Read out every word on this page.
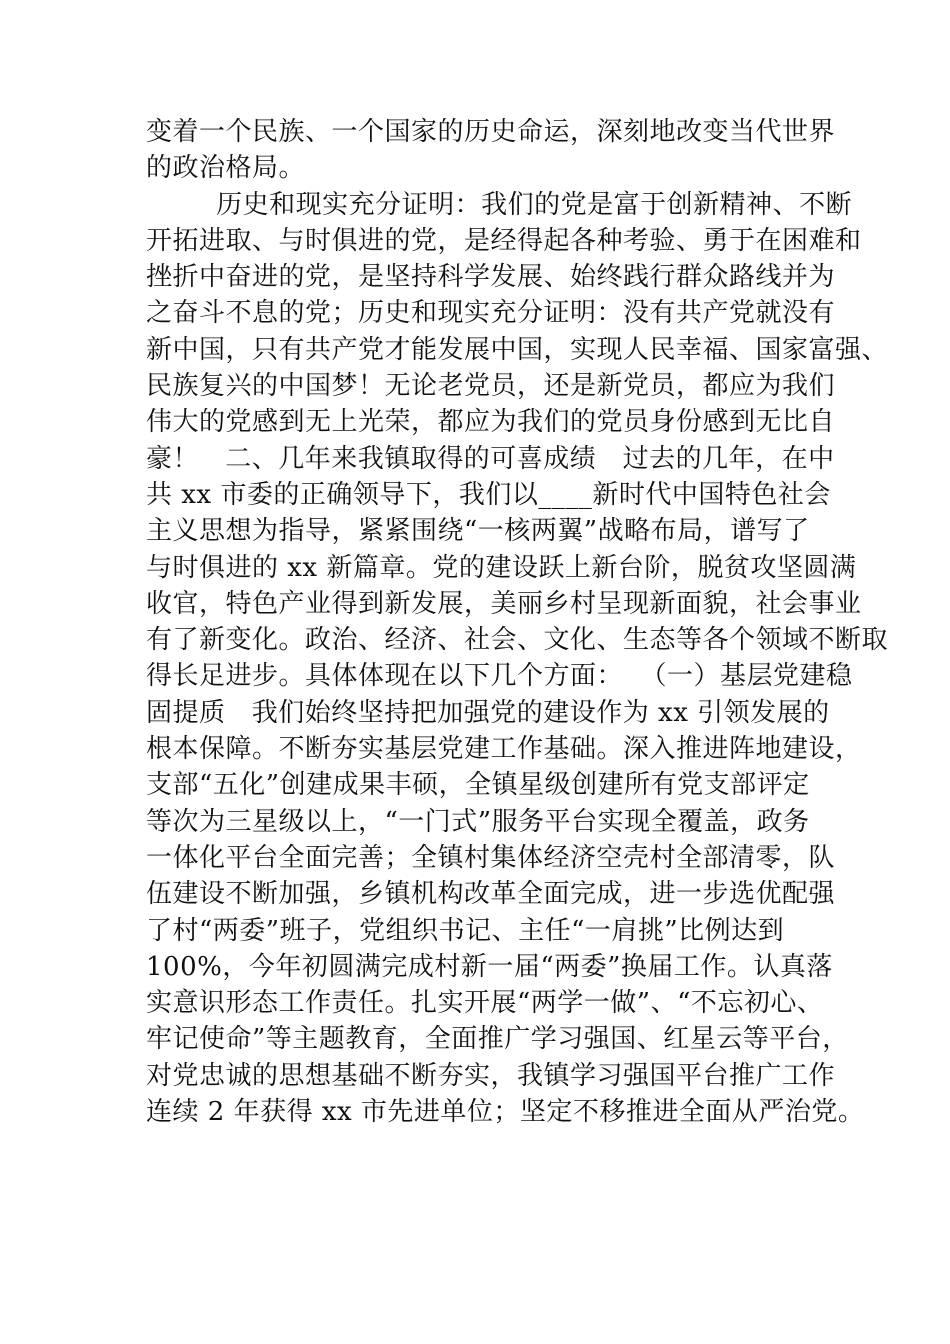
变着一个民族、一个国家的历史命运，深刻地改变当代世界
的政治格局。
历史和现实充分证明：我们的党是富于创新精神、不断
开拓进取、与时俱进的党，是经得起各种考验、勇于在困难和
挫折中奋进的党，是坚持科学发展、始终践行群众路线并为
之奋斗不息的党；历史和现实充分证明：没有共产党就没有
新中国，只有共产党才能发展中国，实现人民幸福、国家富强、
民族复兴的中国梦！无论老党员，还是新党员，都应为我们
伟大的党感到无上光荣，都应为我们的党员身份感到无比自
豪！   二、几年来我镇取得的可喜成绩   过去的几年，在中
共 xx 市委的正确领导下，我们以____新时代中国特色社会
主义思想为指导，紧紧围绕“一核两翼”战略布局，谱写了
与时俱进的 xx 新篇章。党的建设跃上新台阶，脱贫攻坚圆满
收官，特色产业得到新发展，美丽乡村呈现新面貌，社会事业
有了新变化。政治、经济、社会、文化、生态等各个领域不断取
得长足进步。具体体现在以下几个方面：  （一）基层党建稳
固提质   我们始终坚持把加强党的建设作为 xx 引领发展的
根本保障。不断夯实基层党建工作基础。深入推进阵地建设，
支部“五化”创建成果丰硕，全镇星级创建所有党支部评定
等次为三星级以上，“一门式”服务平台实现全覆盖，政务
一体化平台全面完善；全镇村集体经济空壳村全部清零，队
伍建设不断加强，乡镇机构改革全面完成，进一步选优配强
了村“两委”班子，党组织书记、主任“一肩挑”比例达到
100%，今年初圆满完成村新一届“两委”换届工作。认真落
实意识形态工作责任。扎实开展“两学一做”、“不忘初心、
牢记使命”等主题教育，全面推广学习强国、红星云等平台，
对党忠诚的思想基础不断夯实，我镇学习强国平台推广工作
连续 2 年获得 xx 市先进单位；坚定不移推进全面从严治党。
